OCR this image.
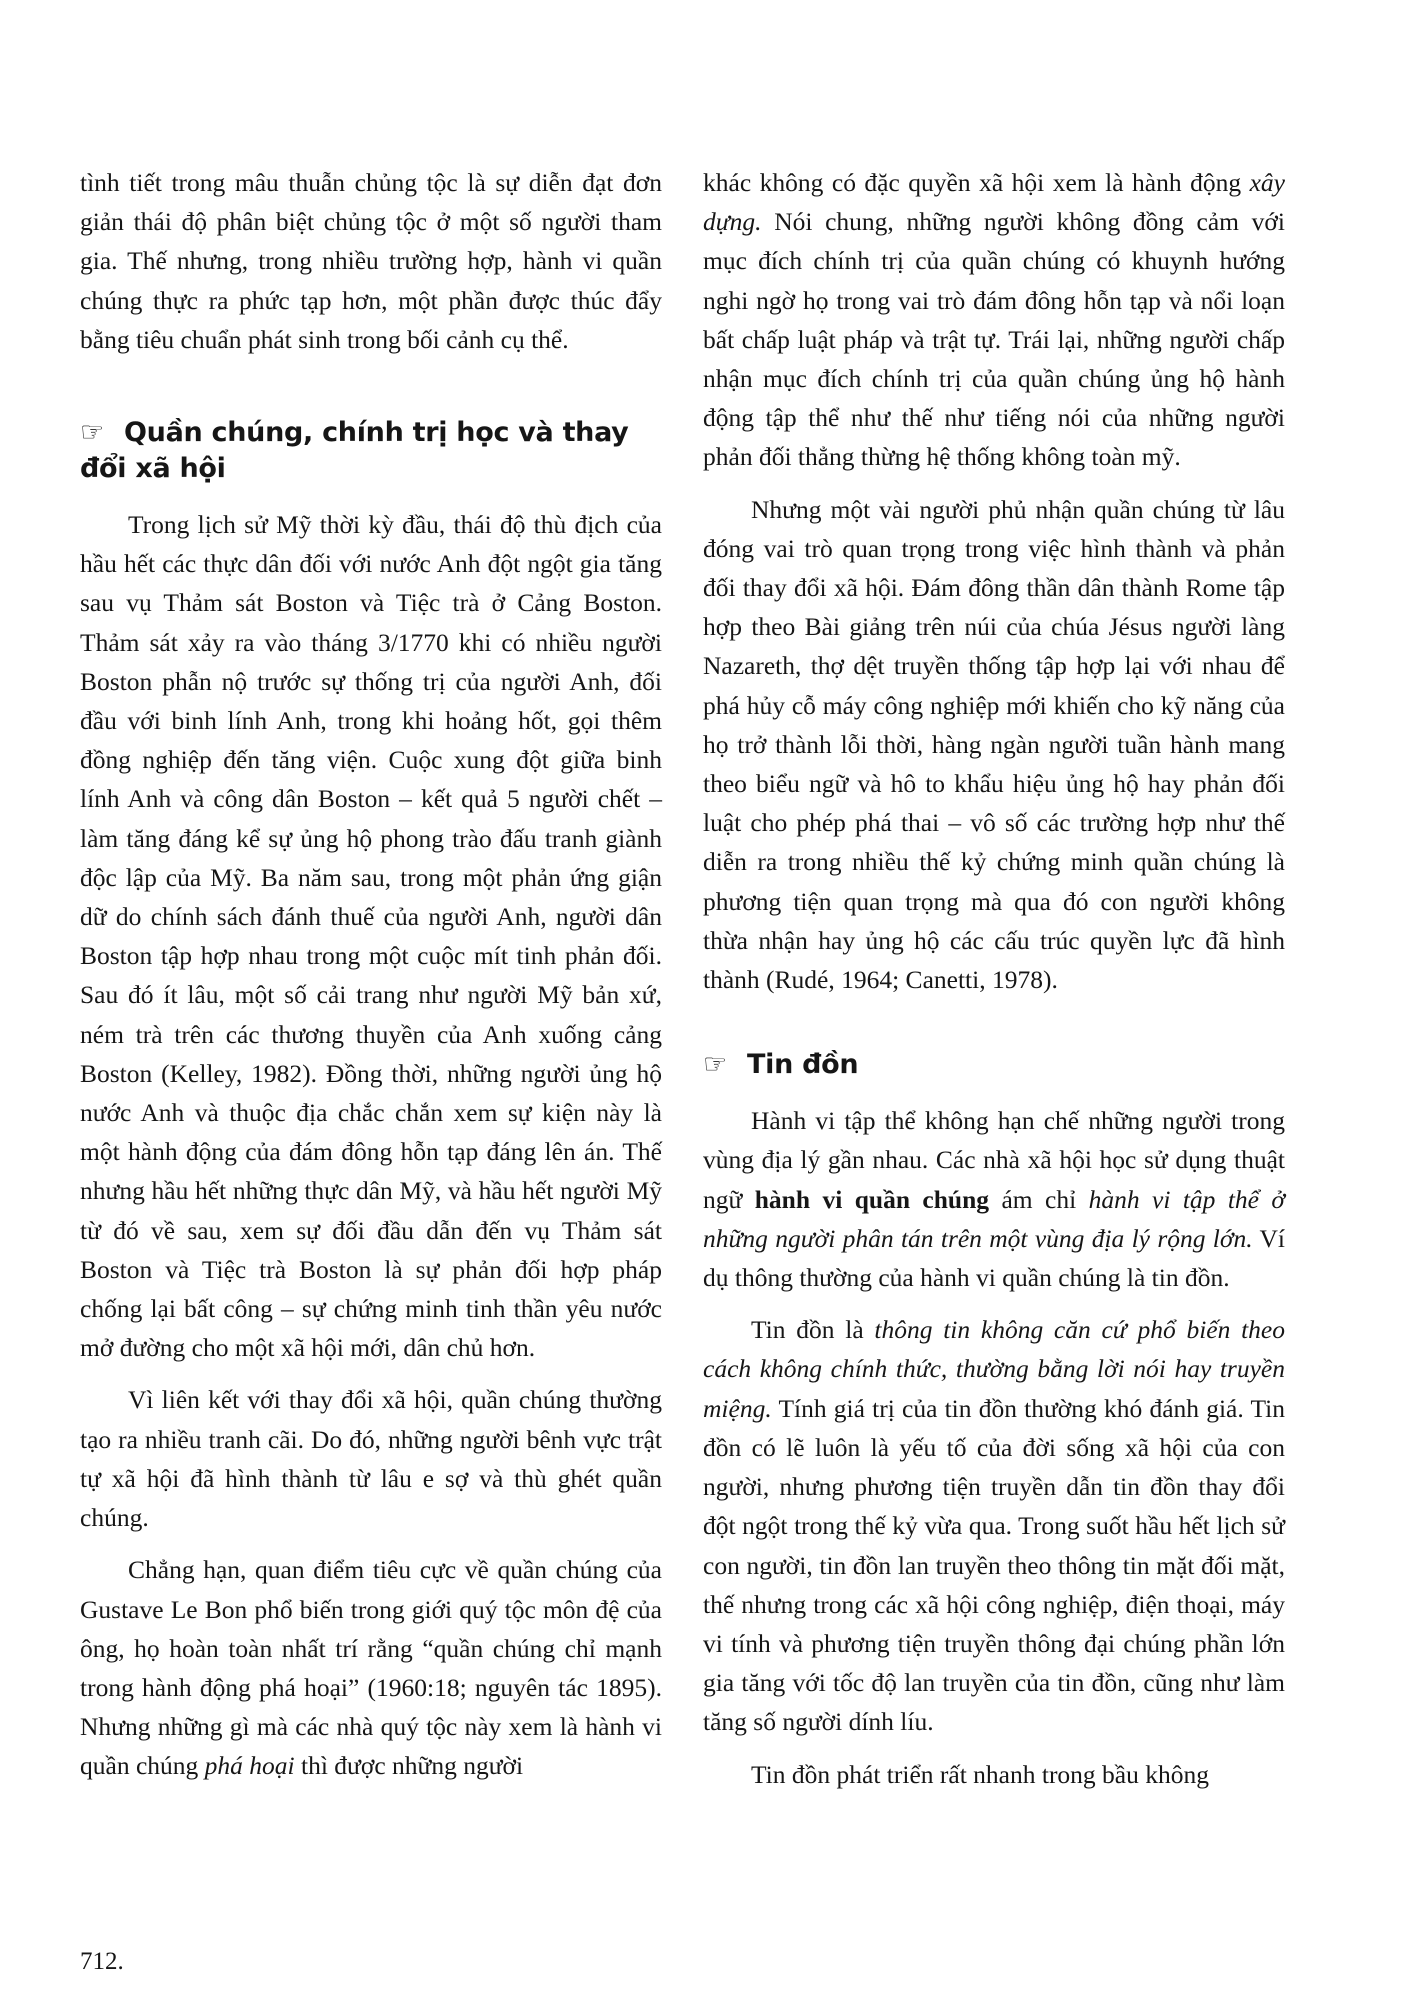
tình tiết trong mâu thuẫn chủng tộc là sự diễn đạt đơn giản thái độ phân biệt chủng tộc ở một số người tham gia. Thế nhưng, trong nhiều trường hợp, hành vi quần chúng thực ra phức tạp hơn, một phần được thúc đẩy bằng tiêu chuẩn phát sinh trong bối cảnh cụ thể.

☞ Quần chúng, chính trị học và thay đổi xã hội

Trong lịch sử Mỹ thời kỳ đầu, thái độ thù địch của hầu hết các thực dân đối với nước Anh đột ngột gia tăng sau vụ Thảm sát Boston và Tiệc trà ở Cảng Boston. Thảm sát xảy ra vào tháng 3/1770 khi có nhiều người Boston phẫn nộ trước sự thống trị của người Anh, đối đầu với binh lính Anh, trong khi hoảng hốt, gọi thêm đồng nghiệp đến tăng viện. Cuộc xung đột giữa binh lính Anh và công dân Boston – kết quả 5 người chết – làm tăng đáng kể sự ủng hộ phong trào đấu tranh giành độc lập của Mỹ. Ba năm sau, trong một phản ứng giận dữ do chính sách đánh thuế của người Anh, người dân Boston tập hợp nhau trong một cuộc mít tinh phản đối. Sau đó ít lâu, một số cải trang như người Mỹ bản xứ, ném trà trên các thương thuyền của Anh xuống cảng Boston (Kelley, 1982). Đồng thời, những người ủng hộ nước Anh và thuộc địa chắc chắn xem sự kiện này là một hành động của đám đông hỗn tạp đáng lên án. Thế nhưng hầu hết những thực dân Mỹ, và hầu hết người Mỹ từ đó về sau, xem sự đối đầu dẫn đến vụ Thảm sát Boston và Tiệc trà Boston là sự phản đối hợp pháp chống lại bất công – sự chứng minh tinh thần yêu nước mở đường cho một xã hội mới, dân chủ hơn.

Vì liên kết với thay đổi xã hội, quần chúng thường tạo ra nhiều tranh cãi. Do đó, những người bênh vực trật tự xã hội đã hình thành từ lâu e sợ và thù ghét quần chúng.

Chẳng hạn, quan điểm tiêu cực về quần chúng của Gustave Le Bon phổ biến trong giới quý tộc môn đệ của ông, họ hoàn toàn nhất trí rằng “quần chúng chỉ mạnh trong hành động phá hoại” (1960:18; nguyên tác 1895). Nhưng những gì mà các nhà quý tộc này xem là hành vi quần chúng phá hoại thì được những người

khác không có đặc quyền xã hội xem là hành động xây dựng. Nói chung, những người không đồng cảm với mục đích chính trị của quần chúng có khuynh hướng nghi ngờ họ trong vai trò đám đông hỗn tạp và nổi loạn bất chấp luật pháp và trật tự. Trái lại, những người chấp nhận mục đích chính trị của quần chúng ủng hộ hành động tập thể như thế như tiếng nói của những người phản đối thẳng thừng hệ thống không toàn mỹ.

Nhưng một vài người phủ nhận quần chúng từ lâu đóng vai trò quan trọng trong việc hình thành và phản đối thay đổi xã hội. Đám đông thần dân thành Rome tập hợp theo Bài giảng trên núi của chúa Jésus người làng Nazareth, thợ dệt truyền thống tập hợp lại với nhau để phá hủy cỗ máy công nghiệp mới khiến cho kỹ năng của họ trở thành lỗi thời, hàng ngàn người tuần hành mang theo biểu ngữ và hô to khẩu hiệu ủng hộ hay phản đối luật cho phép phá thai – vô số các trường hợp như thế diễn ra trong nhiều thế kỷ chứng minh quần chúng là phương tiện quan trọng mà qua đó con người không thừa nhận hay ủng hộ các cấu trúc quyền lực đã hình thành (Rudé, 1964; Canetti, 1978).

☞ Tin đồn

Hành vi tập thể không hạn chế những người trong vùng địa lý gần nhau. Các nhà xã hội học sử dụng thuật ngữ hành vi quần chúng ám chỉ hành vi tập thể ở những người phân tán trên một vùng địa lý rộng lớn. Ví dụ thông thường của hành vi quần chúng là tin đồn.

Tin đồn là thông tin không căn cứ phổ biến theo cách không chính thức, thường bằng lời nói hay truyền miệng. Tính giá trị của tin đồn thường khó đánh giá. Tin đồn có lẽ luôn là yếu tố của đời sống xã hội của con người, nhưng phương tiện truyền dẫn tin đồn thay đổi đột ngột trong thế kỷ vừa qua. Trong suốt hầu hết lịch sử con người, tin đồn lan truyền theo thông tin mặt đối mặt, thế nhưng trong các xã hội công nghiệp, điện thoại, máy vi tính và phương tiện truyền thông đại chúng phần lớn gia tăng với tốc độ lan truyền của tin đồn, cũng như làm tăng số người dính líu.

Tin đồn phát triển rất nhanh trong bầu không

712.
